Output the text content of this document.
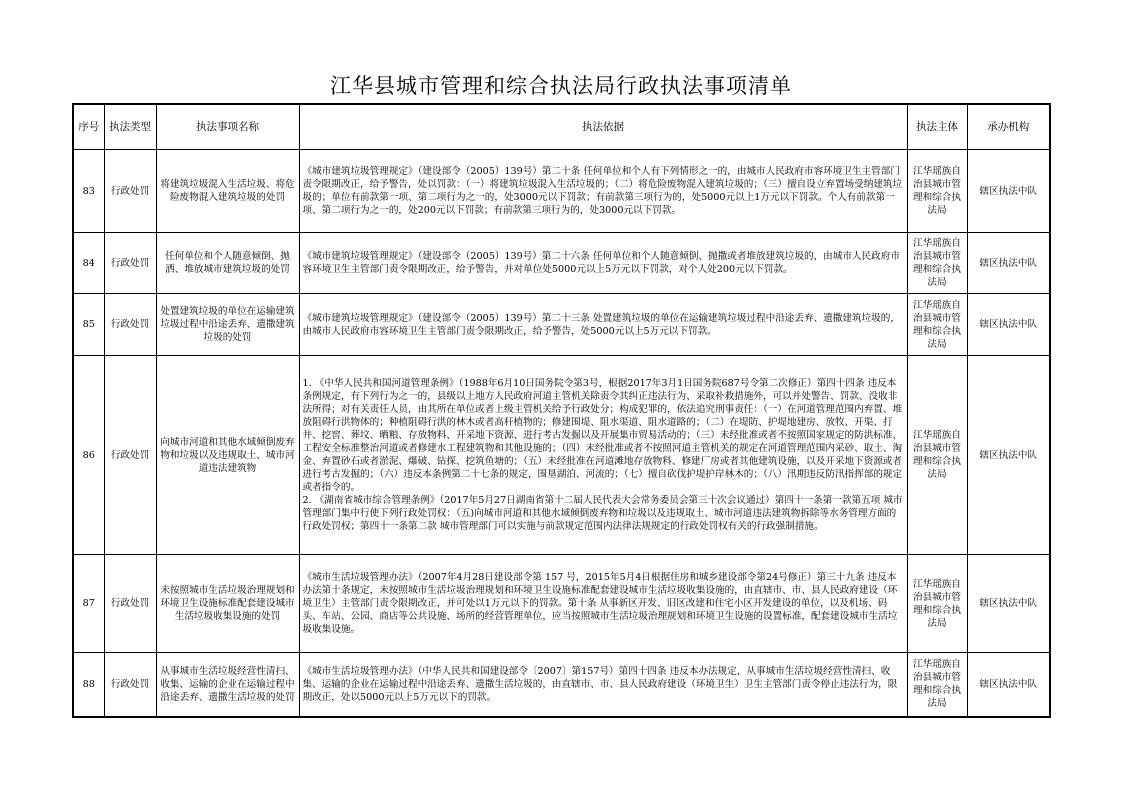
江华县城市管理和综合执法局行政执法事项清单
序号	执法类型	执法事项名称	执法依据	执法主体	承办机构
83	行政处罚	将建筑垃圾混入生活垃圾、将危险废物混入建筑垃圾的处罚	《城市建筑垃圾管理规定》（建设部令（2005）139号）第二十条 任何单位和个人有下列情形之一的，由城市人民政府市容环境卫生主管部门责令限期改正，给予警告，处以罚款：（一）将建筑垃圾混入生活垃圾的；（二）将危险废物混入建筑垃圾的；（三）擅自设立弃置场受纳建筑垃圾的；单位有前款第一项、第二项行为之一的，处3000元以下罚款；有前款第三项行为的，处5000元以上1万元以下罚款。个人有前款第一项、第二项行为之一的，处200元以下罚款；有前款第三项行为的，处3000元以下罚款。	江华瑶族自治县城市管理和综合执法局	辖区执法中队
84	行政处罚	任何单位和个人随意倾倒、抛洒、堆放城市建筑垃圾的处罚	《城市建筑垃圾管理规定》（建设部令（2005）139号）第二十六条 任何单位和个人随意倾倒、抛撒或者堆放建筑垃圾的，由城市人民政府市容环境卫生主管部门责令限期改正，给予警告，并对单位处5000元以上5万元以下罚款，对个人处200元以下罚款。	江华瑶族自治县城市管理和综合执法局	辖区执法中队
85	行政处罚	处置建筑垃圾的单位在运输建筑垃圾过程中沿途丢弃、遗撒建筑垃圾的处罚	《城市建筑垃圾管理规定》（建设部令（2005）139号）第二十三条 处置建筑垃圾的单位在运输建筑垃圾过程中沿途丢弃、遗撒建筑垃圾的，由城市人民政府市容环境卫生主管部门责令限期改正，给予警告，处5000元以上5万元以下罚款。	江华瑶族自治县城市管理和综合执法局	辖区执法中队
86	行政处罚	向城市河道和其他水域倾倒废弃物和垃圾以及违规取土、城市河道违法建筑物	1. 《中华人民共和国河道管理条例》（1988年6月10日国务院令第3号，根据2017年3月1日国务院687号令第二次修正）第四十四条 违反本条例规定，有下列行为之一的，县级以上地方人民政府河道主管机关除责令其纠正违法行为、采取补救措施外，可以并处警告、罚款、没收非法所得；对有关责任人员，由其所在单位或者上级主管机关给予行政处分；构成犯罪的，依法追究刑事责任：（一）在河道管理范围内弃置、堆放阻碍行洪物体的；种植阻碍行洪的林木或者高秆植物的；修建围堤、阻水渠道、阻水道路的；（二）在堤防、护堤地建房、放牧、开渠、打井、挖窖、葬坟、晒粮、存放物料、开采地下资源、进行考古发掘以及开展集市贸易活动的；（三）未经批准或者不按照国家规定的防洪标准、工程安全标准整治河道或者修建水工程建筑物和其他设施的；（四）未经批准或者不按照河道主管机关的规定在河道管理范围内采砂、取土、淘金、弃置砂石或者淤泥、爆破、钻探、挖筑鱼塘的；（五）未经批准在河道滩地存放物料、修建厂房或者其他建筑设施，以及开采地下资源或者进行考古发掘的；（六）违反本条例第二十七条的规定，围垦湖泊、河流的；（七）擅自砍伐护堤护岸林木的；（八）汛期违反防汛指挥部的规定或者指令的。
2. 《湖南省城市综合管理条例》（2017年5月27日湖南省第十二届人民代表大会常务委员会第三十次会议通过）第四十一条第一款第五项 城市管理部门集中行使下列行政处罚权：（五)向城市河道和其他水域倾倒废弃物和垃圾以及违规取土、城市河道违法建筑物拆除等水务管理方面的行政处罚权；第四十一条第二款 城市管理部门可以实施与前款规定范围内法律法规规定的行政处罚权有关的行政强制措施。	江华瑶族自治县城市管理和综合执法局	辖区执法中队
87	行政处罚	未按照城市生活垃圾治理规划和环境卫生设施标准配套建设城市生活垃圾收集设施的处罚	《城市生活垃圾管理办法》（2007年4月28日建设部令第 157 号，2015年5月4日根据住房和城乡建设部令第24号修正）第三十九条 违反本办法第十条规定，未按照城市生活垃圾治理规划和环境卫生设施标准配套建设城市生活垃圾收集设施的，由直辖市、市、县人民政府建设（环境卫生）主管部门责令限期改正，并可处以1万元以下的罚款。第十条 从事新区开发、旧区改建和住宅小区开发建设的单位，以及机场、码头、车站、公园、商店等公共设施、场所的经营管理单位，应当按照城市生活垃圾治理规划和环境卫生设施的设置标准，配套建设城市生活垃圾收集设施。	江华瑶族自治县城市管理和综合执法局	辖区执法中队
88	行政处罚	从事城市生活垃圾经营性清扫、收集、运输的企业在运输过程中沿途丢弃、遗撒生活垃圾的处罚	《城市生活垃圾管理办法》（中华人民共和国建设部令〔2007〕第157号）第四十四条 违反本办法规定，从事城市生活垃圾经营性清扫、收集、运输的企业在运输过程中沿途丢弃、遗撒生活垃圾的，由直辖市、市、县人民政府建设（环境卫生）卫生主管部门责令停止违法行为，限期改正，处以5000元以上5万元以下的罚款。	江华瑶族自治县城市管理和综合执法局	辖区执法中队
